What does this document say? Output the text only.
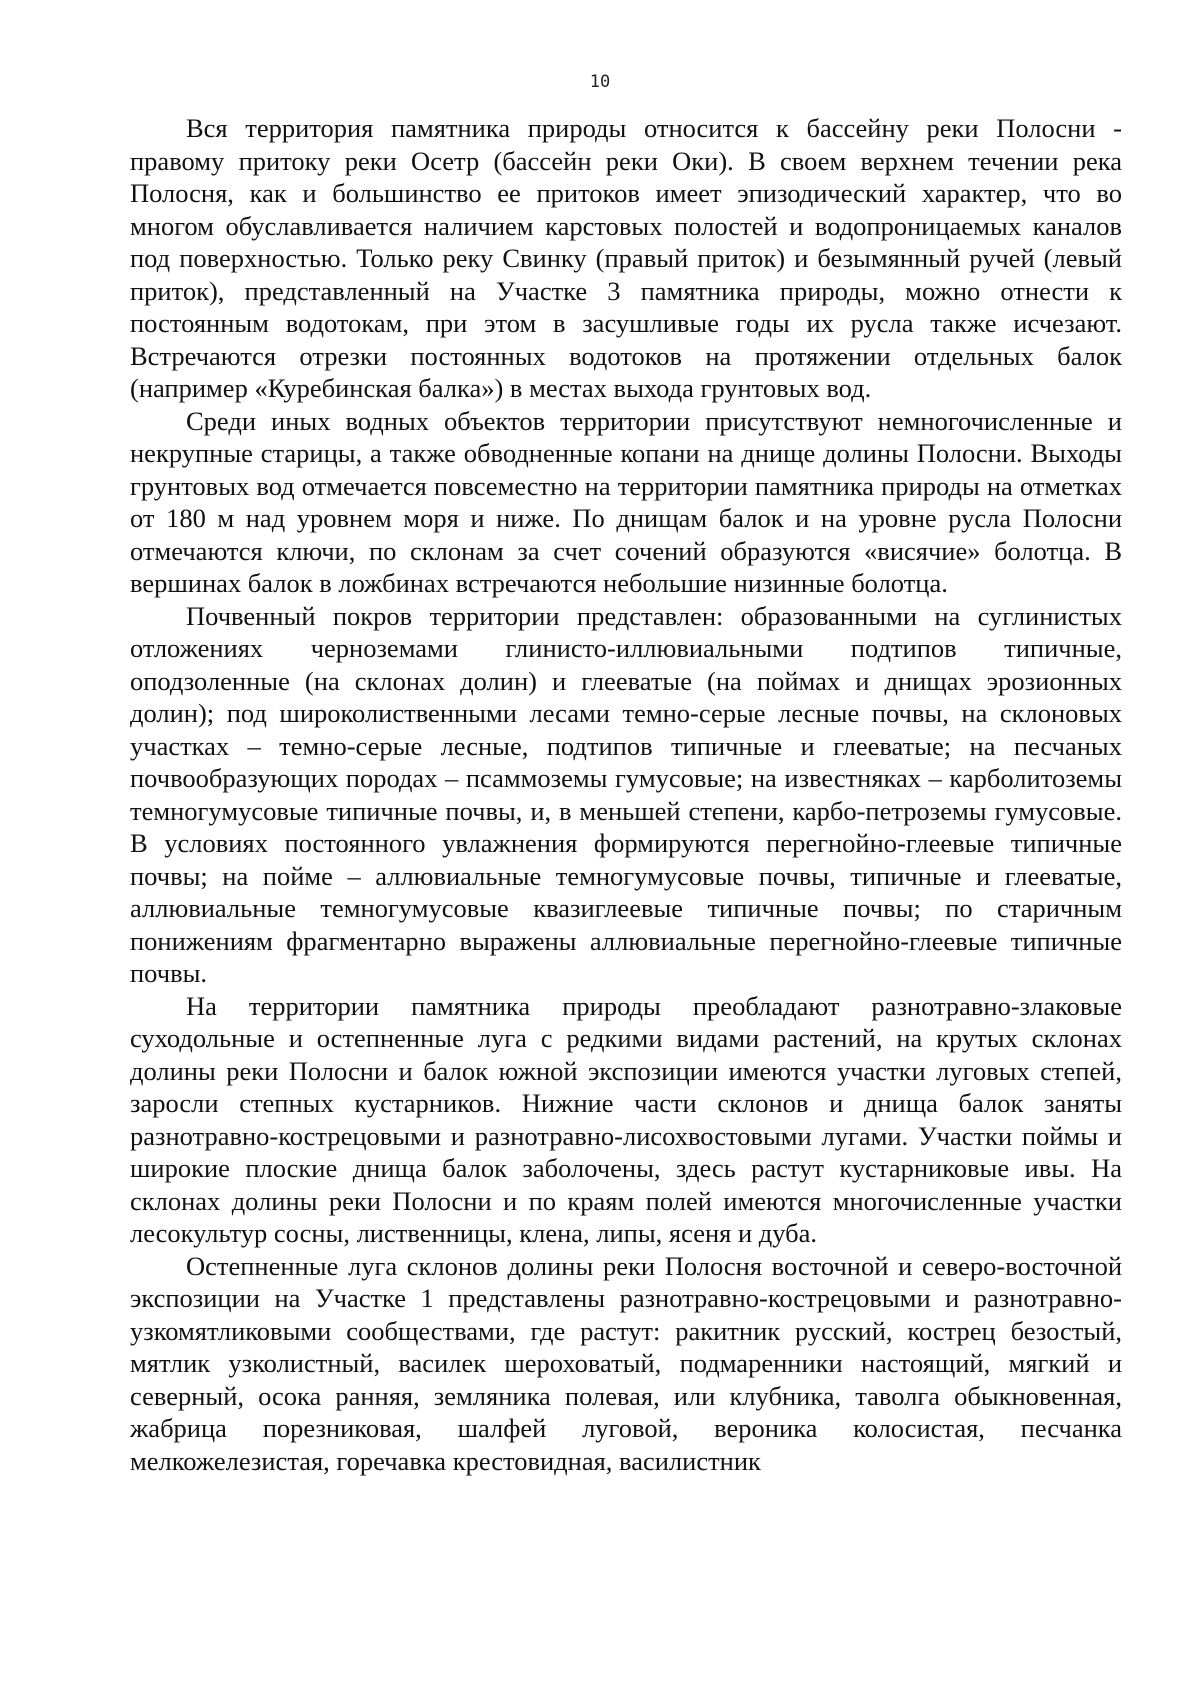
10

Вся территория памятника природы относится к бассейну реки Полосни - правому притоку реки Осетр (бассейн реки Оки). В своем верхнем течении река Полосня, как и большинство ее притоков имеет эпизодический характер, что во многом обуславливается наличием карстовых полостей и водопроницаемых каналов под поверхностью. Только реку Свинку (правый приток) и безымянный ручей (левый приток), представленный на Участке 3 памятника природы, можно отнести к постоянным водотокам, при этом в засушливые годы их русла также исчезают. Встречаются отрезки постоянных водотоков на протяжении отдельных балок (например «Куребинская балка») в местах выхода грунтовых вод.

Среди иных водных объектов территории присутствуют немногочисленные и некрупные старицы, а также обводненные копани на днище долины Полосни. Выходы грунтовых вод отмечается повсеместно на территории памятника природы на отметках от 180 м над уровнем моря и ниже. По днищам балок и на уровне русла Полосни отмечаются ключи, по склонам за счет сочений образуются «висячие» болотца. В вершинах балок в ложбинах встречаются небольшие низинные болотца.

Почвенный покров территории представлен: образованными на суглинистых отложениях черноземами глинисто-иллювиальными подтипов типичные, оподзоленные (на склонах долин) и глееватые (на поймах и днищах эрозионных долин); под широколиственными лесами темно-серые лесные почвы, на склоновых участках – темно-серые лесные, подтипов типичные и глееватые; на песчаных почвообразующих породах – псаммоземы гумусовые; на известняках – карболитоземы темногумусовые типичные почвы, и, в меньшей степени, карбо-петроземы гумусовые. В условиях постоянного увлажнения формируются перегнойно-глеевые типичные почвы; на пойме – аллювиальные темногумусовые почвы, типичные и глееватые, аллювиальные темногумусовые квазиглеевые типичные почвы; по старичным понижениям фрагментарно выражены аллювиальные перегнойно-глеевые типичные почвы.

На территории памятника природы преобладают разнотравно-злаковые суходольные и остепненные луга с редкими видами растений, на крутых склонах долины реки Полосни и балок южной экспозиции имеются участки луговых степей, заросли степных кустарников. Нижние части склонов и днища балок заняты разнотравно-кострецовыми и разнотравно-лисохвостовыми лугами. Участки поймы и широкие плоские днища балок заболочены, здесь растут кустарниковые ивы. На склонах долины реки Полосни и по краям полей имеются многочисленные участки лесокультур сосны, лиственницы, клена, липы, ясеня и дуба.

Остепненные луга склонов долины реки Полосня восточной и северо-восточной экспозиции на Участке 1 представлены разнотравно-кострецовыми и разнотравно-узкомятликовыми сообществами, где растут: ракитник русский, кострец безостый, мятлик узколистный, василек шероховатый, подмаренники настоящий, мягкий и северный, осока ранняя, земляника полевая, или клубника, таволга обыкновенная, жабрица порезниковая, шалфей луговой, вероника колосистая, песчанка мелкожелезистая, горечавка крестовидная, василистник
